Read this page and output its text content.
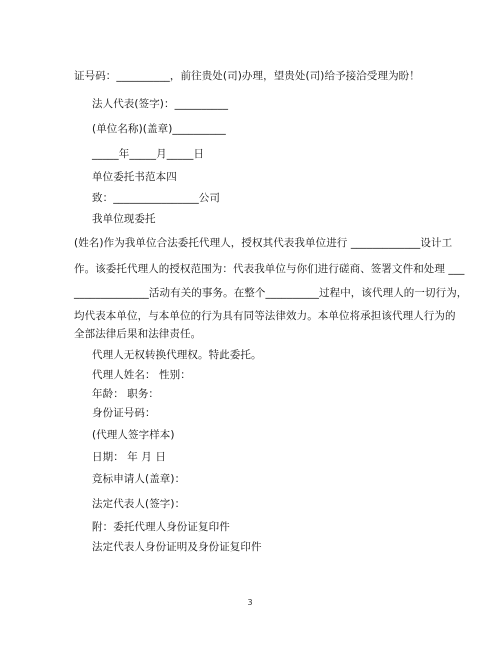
证号码：__________，前往贵处(司)办理，望贵处(司)给予接洽受理为盼！
法人代表(签字)：__________
(单位名称)(盖章)__________
_____年_____月_____日
单位委托书范本四
致：________________公司
我单位现委托
(姓名)作为我单位合法委托代理人，授权其代表我单位进行 _____________设计工
作。该委托代理人的授权范围为：代表我单位与你们进行磋商、签署文件和处理 ___
______________活动有关的事务。在整个__________过程中，该代理人的一切行为，
均代表本单位，与本单位的行为具有同等法律效力。本单位将承担该代理人行为的
全部法律后果和法律责任。
代理人无权转换代理权。特此委托。
代理人姓名： 性别：
年龄： 职务：
身份证号码：
(代理人签字样本)
日期： 年 月 日
竞标申请人(盖章)：
法定代表人(签字)：
附：委托代理人身份证复印件
法定代表人身份证明及身份证复印件
3
